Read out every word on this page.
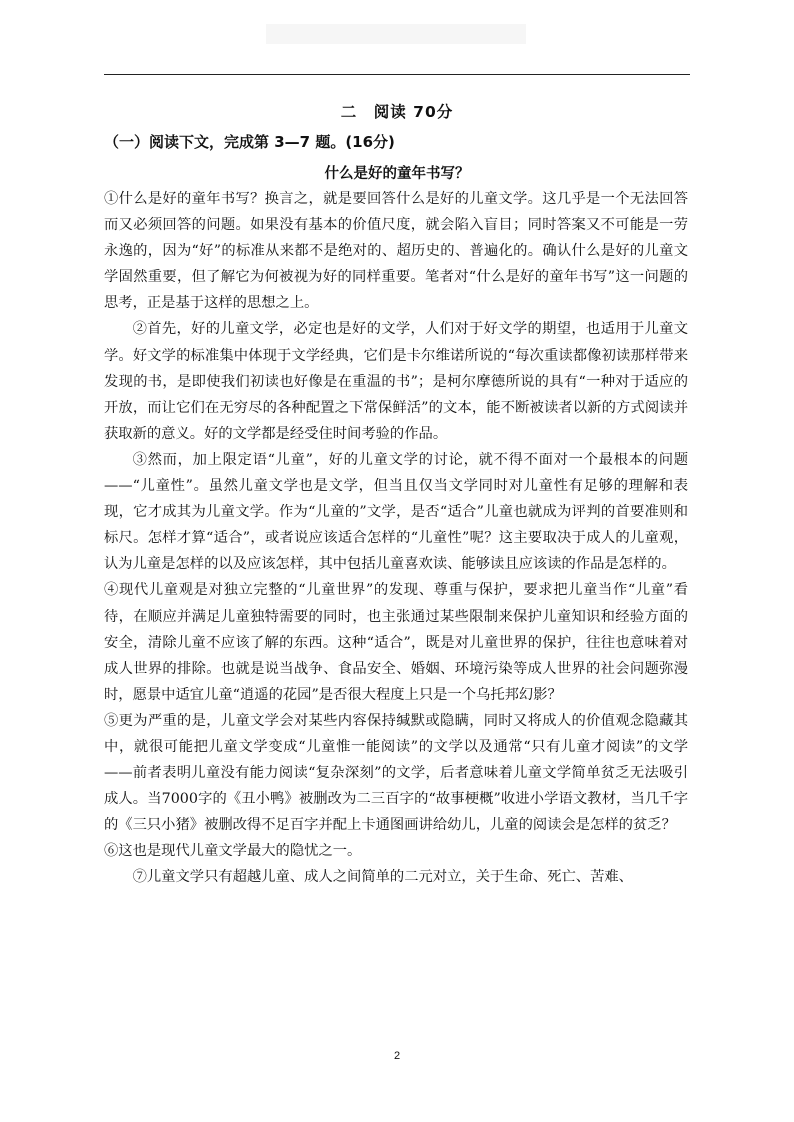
二　阅读 70分
（一）阅读下文，完成第 3—7 题。(16分)
什么是好的童年书写？

①什么是好的童年书写？换言之，就是要回答什么是好的儿童文学。这几乎是一个无法回答而又必须回答的问题。如果没有基本的价值尺度，就会陷入盲目；同时答案又不可能是一劳永逸的，因为“好”的标准从来都不是绝对的、超历史的、普遍化的。确认什么是好的儿童文学固然重要，但了解它为何被视为好的同样重要。笔者对“什么是好的童年书写”这一问题的思考，正是基于这样的思想之上。

②首先，好的儿童文学，必定也是好的文学，人们对于好文学的期望，也适用于儿童文学。好文学的标准集中体现于文学经典，它们是卡尔维诺所说的“每次重读都像初读那样带来发现的书，是即使我们初读也好像是在重温的书”；是柯尔摩德所说的具有“一种对于适应的开放，而让它们在无穷尽的各种配置之下常保鲜活”的文本，能不断被读者以新的方式阅读并获取新的意义。好的文学都是经受住时间考验的作品。

③然而，加上限定语“儿童”，好的儿童文学的讨论，就不得不面对一个最根本的问题——“儿童性”。虽然儿童文学也是文学，但当且仅当文学同时对儿童性有足够的理解和表现，它才成其为儿童文学。作为“儿童的”文学，是否“适合”儿童也就成为评判的首要准则和标尺。怎样才算“适合”，或者说应该适合怎样的“儿童性”呢？这主要取决于成人的儿童观，认为儿童是怎样的以及应该怎样，其中包括儿童喜欢读、能够读且应该读的作品是怎样的。

④现代儿童观是对独立完整的“儿童世界”的发现、尊重与保护，要求把儿童当作“儿童”看待，在顺应并满足儿童独特需要的同时，也主张通过某些限制来保护儿童知识和经验方面的安全，清除儿童不应该了解的东西。这种“适合”，既是对儿童世界的保护，往往也意味着对成人世界的排除。也就是说当战争、食品安全、婚姻、环境污染等成人世界的社会问题弥漫时，愿景中适宜儿童“逍遥的花园”是否很大程度上只是一个乌托邦幻影？

⑤更为严重的是，儿童文学会对某些内容保持缄默或隐瞒，同时又将成人的价值观念隐藏其中，就很可能把儿童文学变成“儿童惟一能阅读”的文学以及通常“只有儿童才阅读”的文学——前者表明儿童没有能力阅读“复杂深刻”的文学，后者意味着儿童文学简单贫乏无法吸引成人。当7000字的《丑小鸭》被删改为二三百字的“故事梗概”收进小学语文教材，当几千字的《三只小猪》被删改得不足百字并配上卡通图画讲给幼儿，儿童的阅读会是怎样的贫乏？

⑥这也是现代儿童文学最大的隐忧之一。

⑦儿童文学只有超越儿童、成人之间简单的二元对立，关于生命、死亡、苦难、

2
